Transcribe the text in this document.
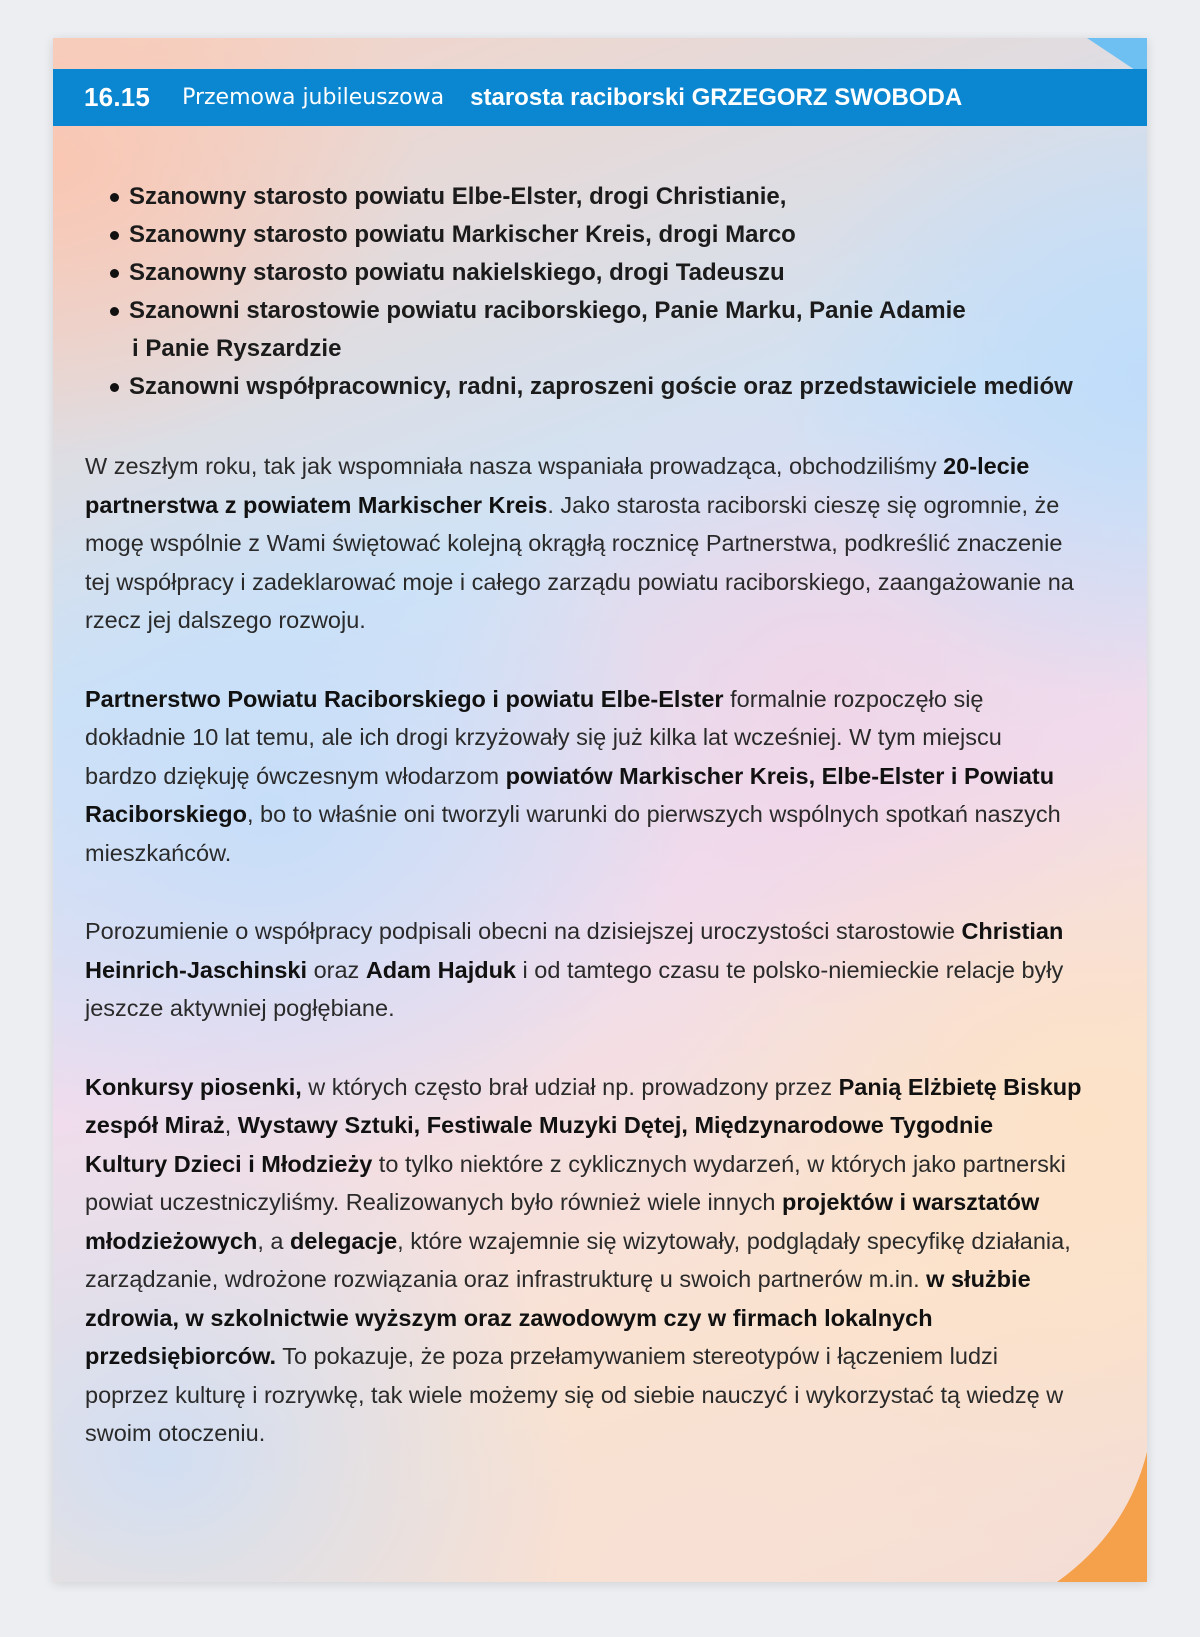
16.15 Przemowa jubileuszowa starosta raciborski GRZEGORZ SWOBODA
Szanowny starosto powiatu Elbe-Elster, drogi Christianie,
Szanowny starosto powiatu Markischer Kreis, drogi Marco
Szanowny starosto powiatu nakielskiego, drogi Tadeuszu
Szanowni starostowie powiatu raciborskiego, Panie Marku, Panie Adamie
i Panie Ryszardzie
Szanowni współpracownicy, radni, zaproszeni goście oraz przedstawiciele mediów
W zeszłym roku, tak jak wspomniała nasza wspaniała prowadząca, obchodziliśmy 20-lecie
partnerstwa z powiatem Markischer Kreis. Jako starosta raciborski cieszę się ogromnie, że
mogę wspólnie z Wami świętować kolejną okrągłą rocznicę Partnerstwa, podkreślić znaczenie
tej współpracy i zadeklarować moje i całego zarządu powiatu raciborskiego, zaangażowanie na
rzecz jej dalszego rozwoju.
Partnerstwo Powiatu Raciborskiego i powiatu Elbe-Elster formalnie rozpoczęło się
dokładnie 10 lat temu, ale ich drogi krzyżowały się już kilka lat wcześniej. W tym miejscu
bardzo dziękuję ówczesnym włodarzom powiatów Markischer Kreis, Elbe-Elster i Powiatu
Raciborskiego, bo to właśnie oni tworzyli warunki do pierwszych wspólnych spotkań naszych
mieszkańców.
Porozumienie o współpracy podpisali obecni na dzisiejszej uroczystości starostowie Christian
Heinrich-Jaschinski oraz Adam Hajduk i od tamtego czasu te polsko-niemieckie relacje były
jeszcze aktywniej pogłębiane.
Konkursy piosenki, w których często brał udział np. prowadzony przez Panią Elżbietę Biskup
zespół Miraż, Wystawy Sztuki, Festiwale Muzyki Dętej, Międzynarodowe Tygodnie
Kultury Dzieci i Młodzieży to tylko niektóre z cyklicznych wydarzeń, w których jako partnerski
powiat uczestniczyliśmy. Realizowanych było również wiele innych projektów i warsztatów
młodzieżowych, a delegacje, które wzajemnie się wizytowały, podglądały specyfikę działania,
zarządzanie, wdrożone rozwiązania oraz infrastrukturę u swoich partnerów m.in. w służbie
zdrowia, w szkolnictwie wyższym oraz zawodowym czy w firmach lokalnych
przedsiębiorców. To pokazuje, że poza przełamywaniem stereotypów i łączeniem ludzi
poprzez kulturę i rozrywkę, tak wiele możemy się od siebie nauczyć i wykorzystać tą wiedzę w
swoim otoczeniu.
